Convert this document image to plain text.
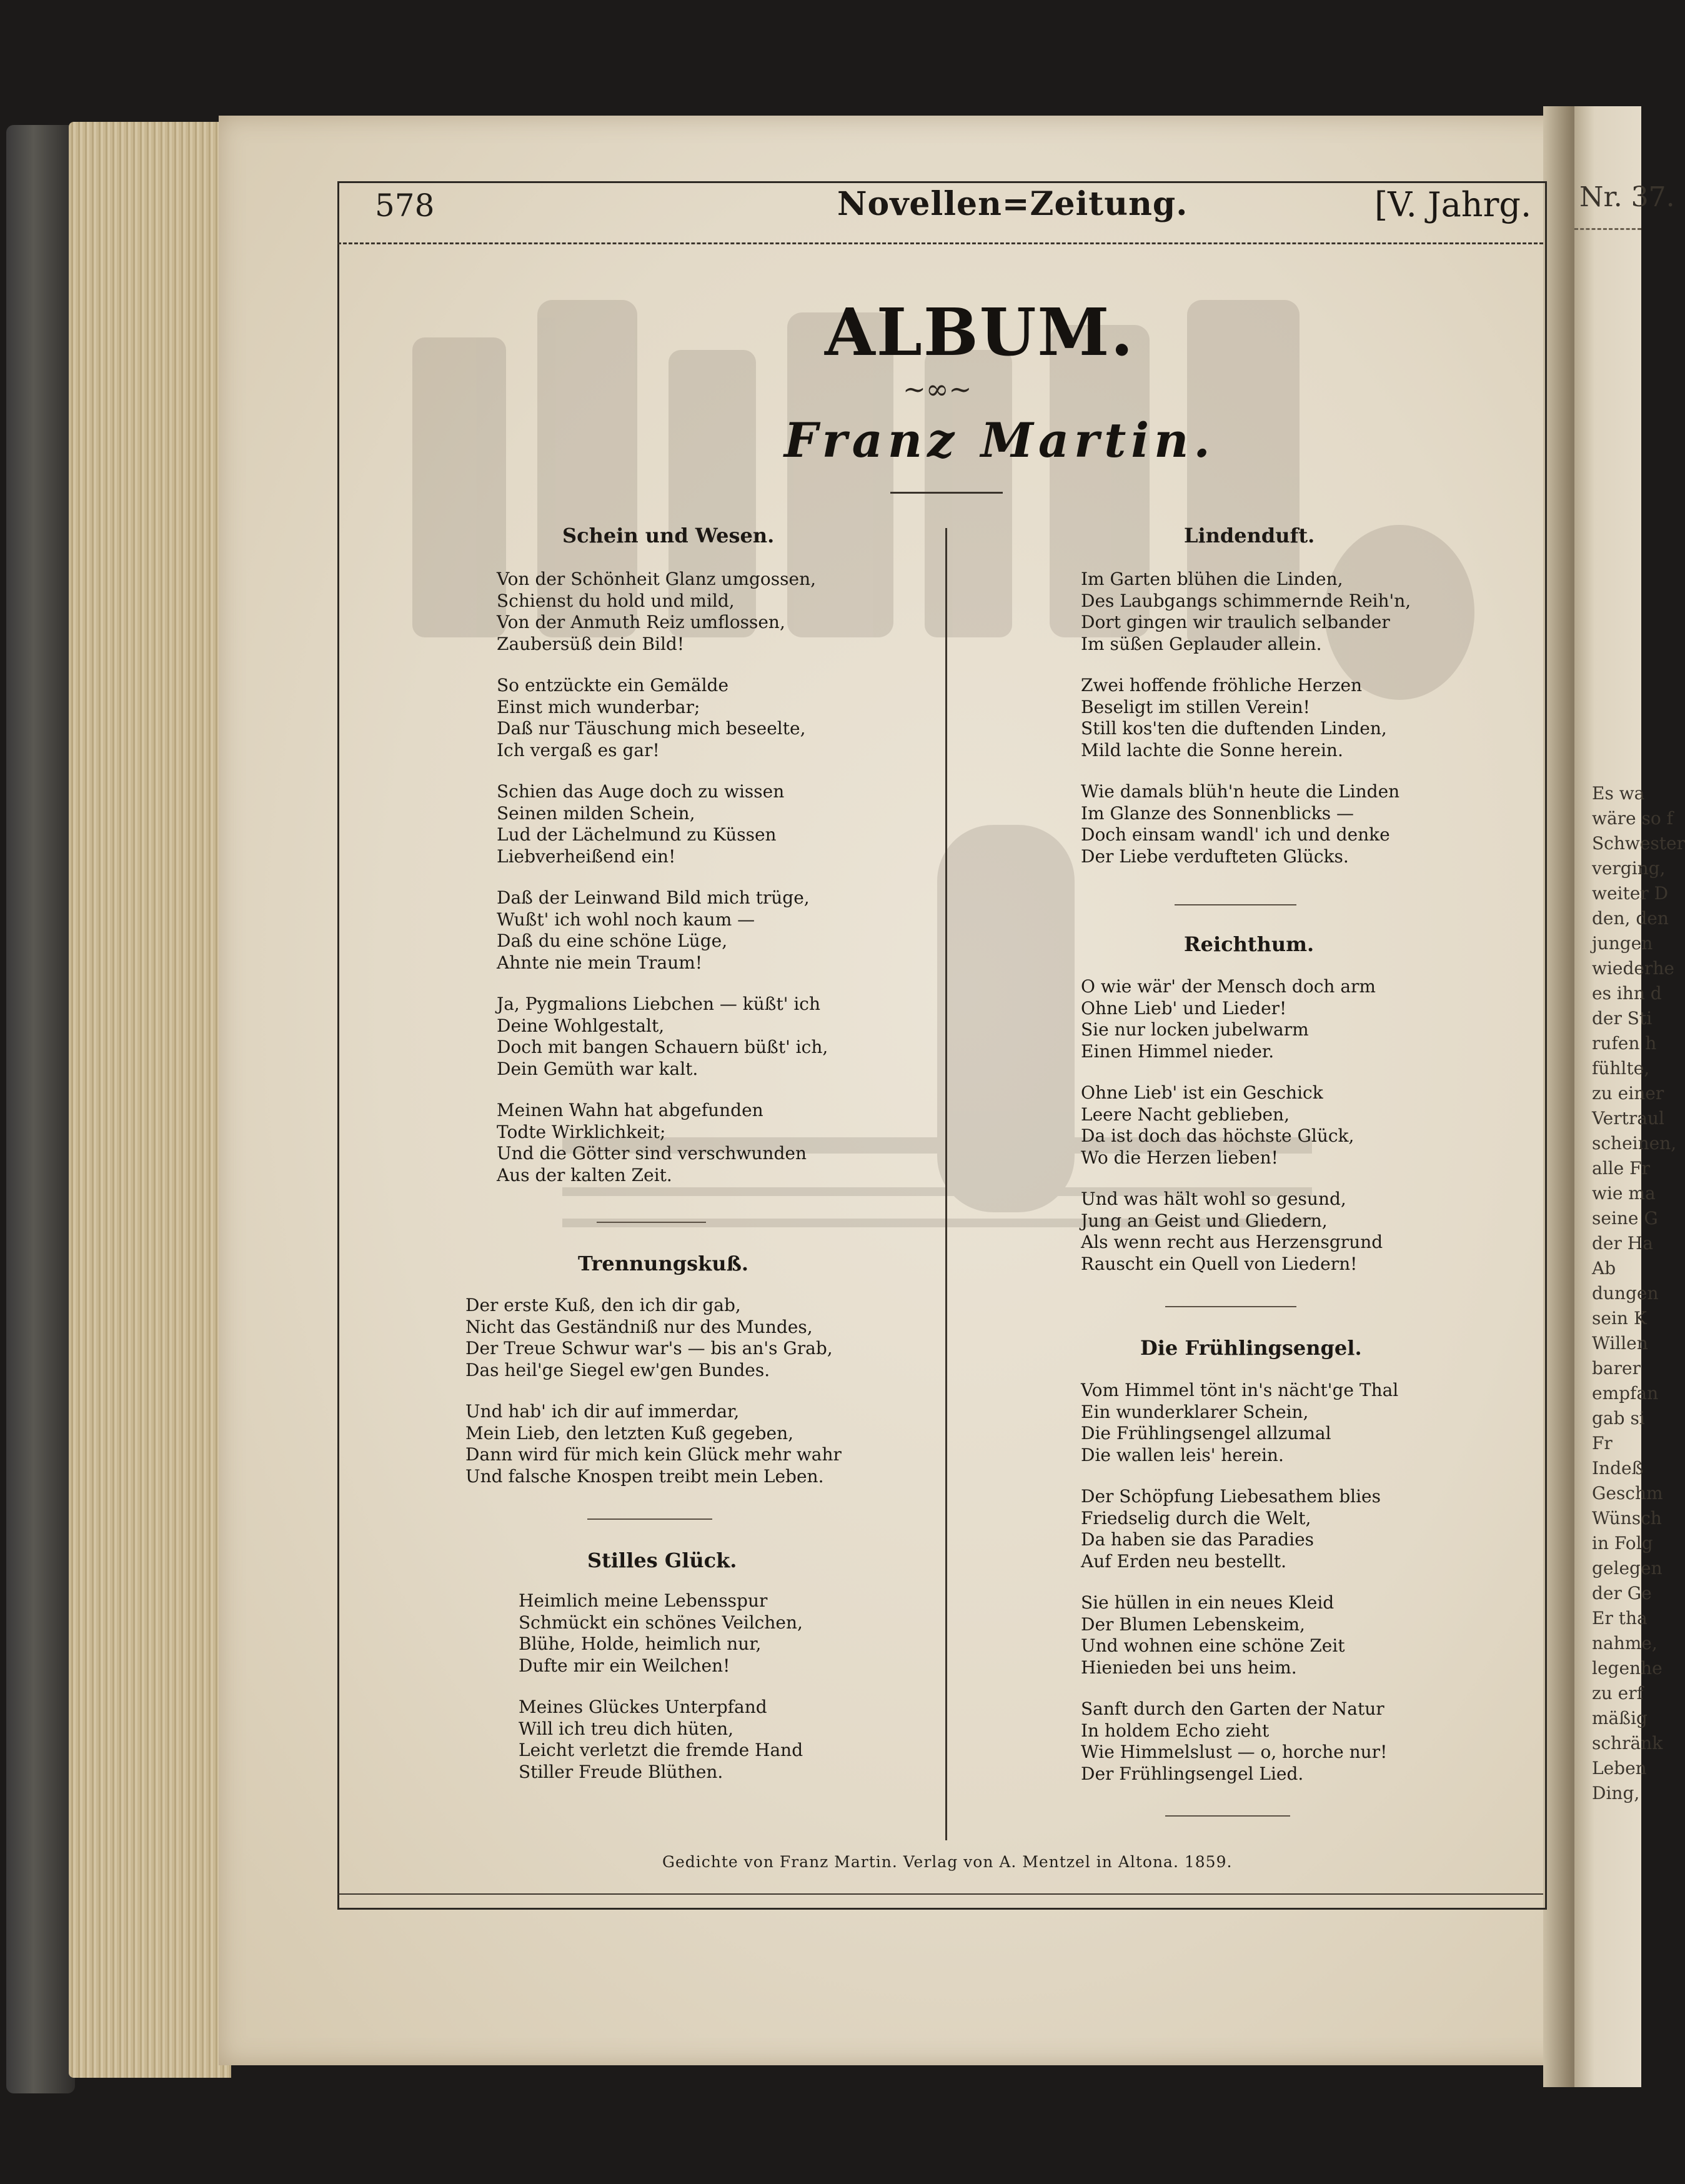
Nr. 37.
Es wa
wäre so f
Schwester
verging,
weiter D
den, den
jungen
wiederhe
es ihn d
der Sti
rufen h
fühlte,
zu einer
Vertraul
scheinen,
alle Fr
wie ma
seine G
der Ha
Ab
dungen
sein K
Willen
barer
empfan
gab si
Fr
Indeß
Geschm
Wünsch
in Folg
gelegen
der Ge
Er tha
nahme,
legenhe
zu erf
mäßig
schränk
Leben
Ding,
578	Novellen=Zeitung.	[V. Jahrg.
ALBUM.
~∞~
Franz Martin.
Schein und Wesen.
Von der Schönheit Glanz umgossen,
Schienst du hold und mild,
Von der Anmuth Reiz umflossen,
Zaubersüß dein Bild!
So entzückte ein Gemälde
Einst mich wunderbar;
Daß nur Täuschung mich beseelte,
Ich vergaß es gar!
Schien das Auge doch zu wissen
Seinen milden Schein,
Lud der Lächelmund zu Küssen
Liebverheißend ein!
Daß der Leinwand Bild mich trüge,
Wußt' ich wohl noch kaum —
Daß du eine schöne Lüge,
Ahnte nie mein Traum!
Ja, Pygmalions Liebchen — küßt' ich
Deine Wohlgestalt,
Doch mit bangen Schauern büßt' ich,
Dein Gemüth war kalt.
Meinen Wahn hat abgefunden
Todte Wirklichkeit;
Und die Götter sind verschwunden
Aus der kalten Zeit.
Trennungskuß.
Der erste Kuß, den ich dir gab,
Nicht das Geständniß nur des Mundes,
Der Treue Schwur war's — bis an's Grab,
Das heil'ge Siegel ew'gen Bundes.
Und hab' ich dir auf immerdar,
Mein Lieb, den letzten Kuß gegeben,
Dann wird für mich kein Glück mehr wahr
Und falsche Knospen treibt mein Leben.
Stilles Glück.
Heimlich meine Lebensspur
Schmückt ein schönes Veilchen,
Blühe, Holde, heimlich nur,
Dufte mir ein Weilchen!
Meines Glückes Unterpfand
Will ich treu dich hüten,
Leicht verletzt die fremde Hand
Stiller Freude Blüthen.
Lindenduft.
Im Garten blühen die Linden,
Des Laubgangs schimmernde Reih'n,
Dort gingen wir traulich selbander
Im süßen Geplauder allein.
Zwei hoffende fröhliche Herzen
Beseligt im stillen Verein!
Still kos'ten die duftenden Linden,
Mild lachte die Sonne herein.
Wie damals blüh'n heute die Linden
Im Glanze des Sonnenblicks —
Doch einsam wandl' ich und denke
Der Liebe verdufteten Glücks.
Reichthum.
O wie wär' der Mensch doch arm
Ohne Lieb' und Lieder!
Sie nur locken jubelwarm
Einen Himmel nieder.
Ohne Lieb' ist ein Geschick
Leere Nacht geblieben,
Da ist doch das höchste Glück,
Wo die Herzen lieben!
Und was hält wohl so gesund,
Jung an Geist und Gliedern,
Als wenn recht aus Herzensgrund
Rauscht ein Quell von Liedern!
Die Frühlingsengel.
Vom Himmel tönt in's nächt'ge Thal
Ein wunderklarer Schein,
Die Frühlingsengel allzumal
Die wallen leis' herein.
Der Schöpfung Liebesathem blies
Friedselig durch die Welt,
Da haben sie das Paradies
Auf Erden neu bestellt.
Sie hüllen in ein neues Kleid
Der Blumen Lebenskeim,
Und wohnen eine schöne Zeit
Hienieden bei uns heim.
Sanft durch den Garten der Natur
In holdem Echo zieht
Wie Himmelslust — o, horche nur!
Der Frühlingsengel Lied.
Gedichte von Franz Martin. Verlag von A. Mentzel in Altona. 1859.
